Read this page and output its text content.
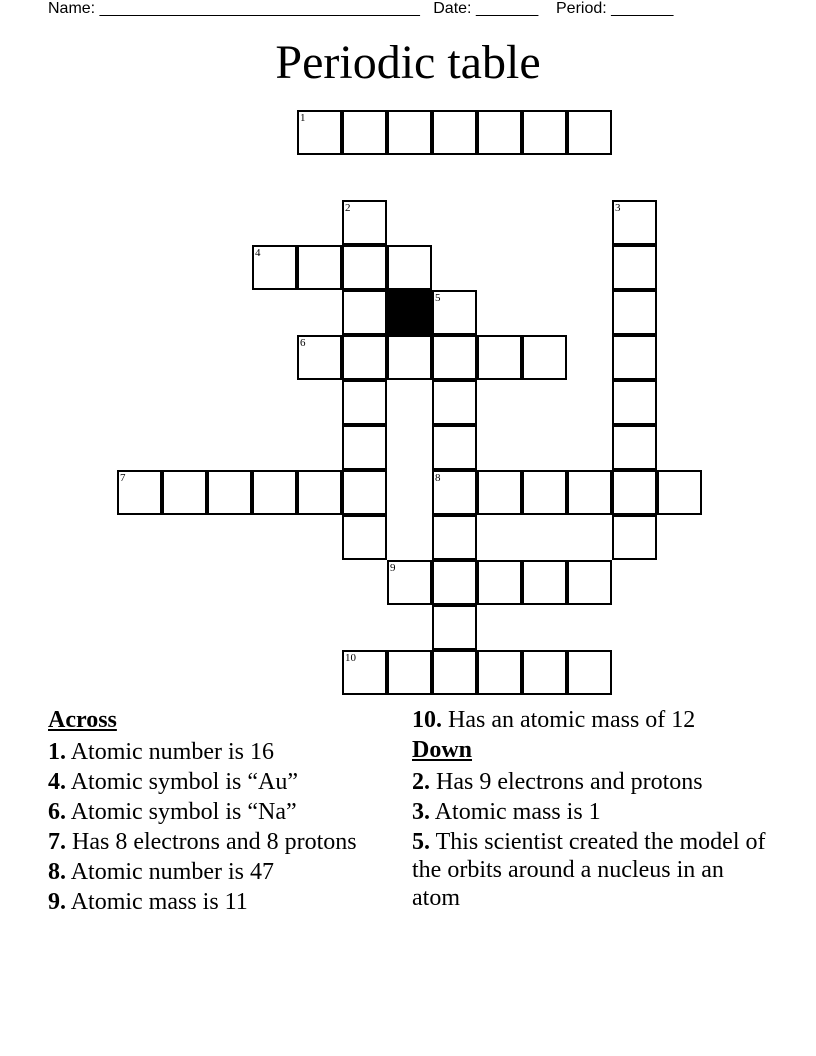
Name: ____________________________________   Date: _______    Period: _______
Periodic table
1
2	3
4
5
6
7	8
9
10
Across
1. Atomic number is 16
4. Atomic symbol is “Au”
6. Atomic symbol is “Na”
7. Has 8 electrons and 8 protons
8. Atomic number is 47
9. Atomic mass is 11
10. Has an atomic mass of 12
Down
2. Has 9 electrons and protons
3. Atomic mass is 1
5. This scientist created the model of the orbits around a nucleus in an atom
